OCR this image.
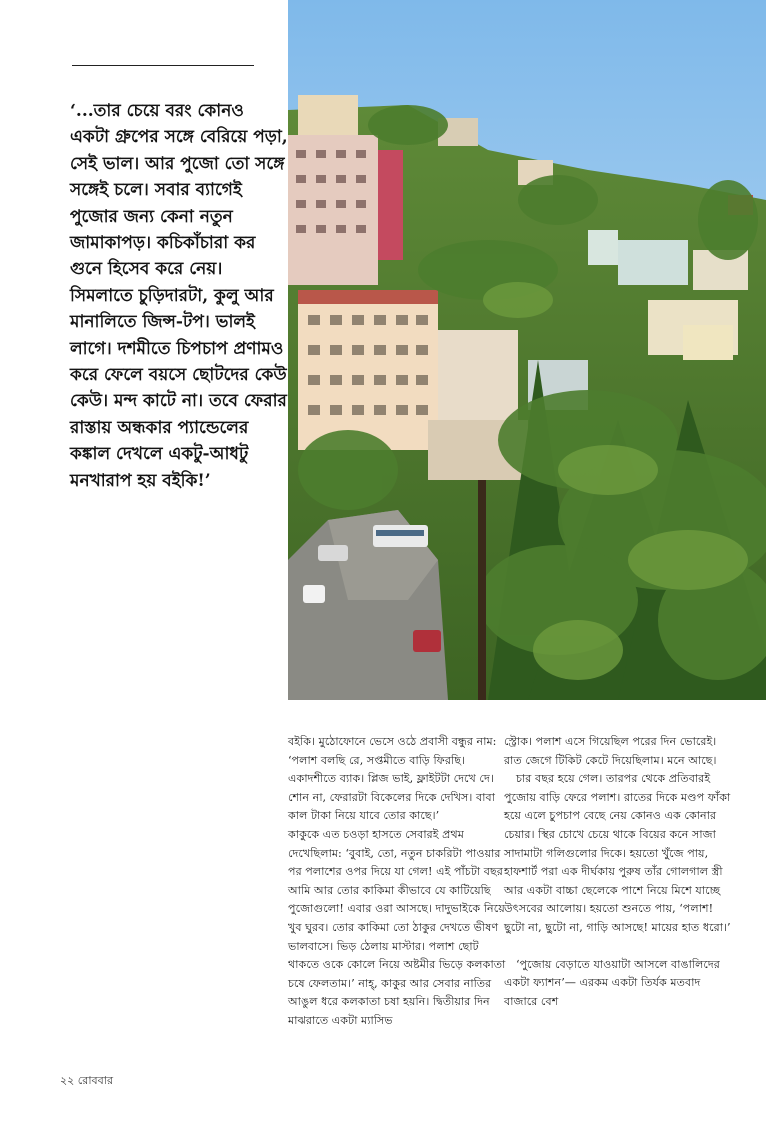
‘...তার চেয়ে বরং কোনও একটা গ্রুপের সঙ্গে বেরিয়ে পড়া, সেই ভাল। আর পুজো তো সঙ্গে সঙ্গেই চলে। সবার ব্যাগেই পুজোর জন্য কেনা নতুন জামাকাপড়। কচিকাঁচারা কর গুনে হিসেব করে নেয়। সিমলাতে চুড়িদারটা, কুলু আর মানালিতে জিন্স-টপ। ভালই লাগে। দশমীতে চিপচাপ প্রণামও করে ফেলে বয়সে ছোটদের কেউ কেউ। মন্দ কাটে না। তবে ফেরার রাস্তায় অন্ধকার প্যান্ডেলের কঙ্কাল দেখলে একটু-আধটু মনখারাপ হয় বইকি!’

বইকি। মুঠোফোনে ভেসে ওঠে প্রবাসী বন্ধুর নাম: ‘পলাশ বলছি রে, সপ্তমীতে বাড়ি ফিরছি। একাদশীতে ব্যাক। প্লিজ ভাই, ফ্লাইটটা দেখে দে। শোন না, ফেরারটা বিকেলের দিকে দেখিস। বাবা কাল টাকা নিয়ে যাবে তোর কাছে।’

কাকুকে এত চওড়া হাসতে সেবারই প্রথম দেখেছিলাম: ‘বুবাই, তো, নতুন চাকরিটা পাওয়ার পর পলাশের ওপর দিয়ে যা গেল! এই পাঁচটা বছর আমি আর তোর কাকিমা কীভাবে যে কাটিয়েছি পুজোগুলো! এবার ওরা আসছে। দাদুভাইকে নিয়ে খুব ঘুরব। তোর কাকিমা তো ঠাকুর দেখতে ভীষণ ভালবাসে। ভিড় ঠেলায় মাস্টার। পলাশ ছোট থাকতে ওকে কোলে নিয়ে অষ্টমীর ভিড়ে কলকাতা চষে ফেলতাম।’ নাহ্, কাকুর আর সেবার নাতির আঙুল ধরে কলকাতা চষা হয়নি। দ্বিতীয়ার দিন মাঝরাতে একটা ম্যাসিভ

স্ট্রোক। পলাশ এসে গিয়েছিল পরের দিন ভোরেই। রাত জেগে টিকিট কেটে দিয়েছিলাম। মনে আছে।

চার বছর হয়ে গেল। তারপর থেকে প্রতিবারই পুজোয় বাড়ি ফেরে পলাশ। রাতের দিকে মণ্ডপ ফাঁকা হয়ে এলে চুপচাপ বেছে নেয় কোনও এক কোনার চেয়ার। স্থির চোখে চেয়ে থাকে বিয়ের কনে সাজা সাদামাটা গলিগুলোর দিকে। হয়তো খুঁজে পায়, হাফশার্ট পরা এক দীর্ঘকায় পুরুষ তাঁর গোলগাল স্ত্রী আর একটা বাচ্চা ছেলেকে পাশে নিয়ে মিশে যাচ্ছে উৎসবের আলোয়। হয়তো শুনতে পায়, ‘পলাশ! ছুটো না, ছুটো না, গাড়ি আসছে! মায়ের হাত ধরো।’

‘পুজোয় বেড়াতে যাওয়াটা আসলে বাঙালিদের একটা ফ্যাশন’— এরকম একটা তির্যক মতবাদ বাজারে বেশ

২২ রোববার
